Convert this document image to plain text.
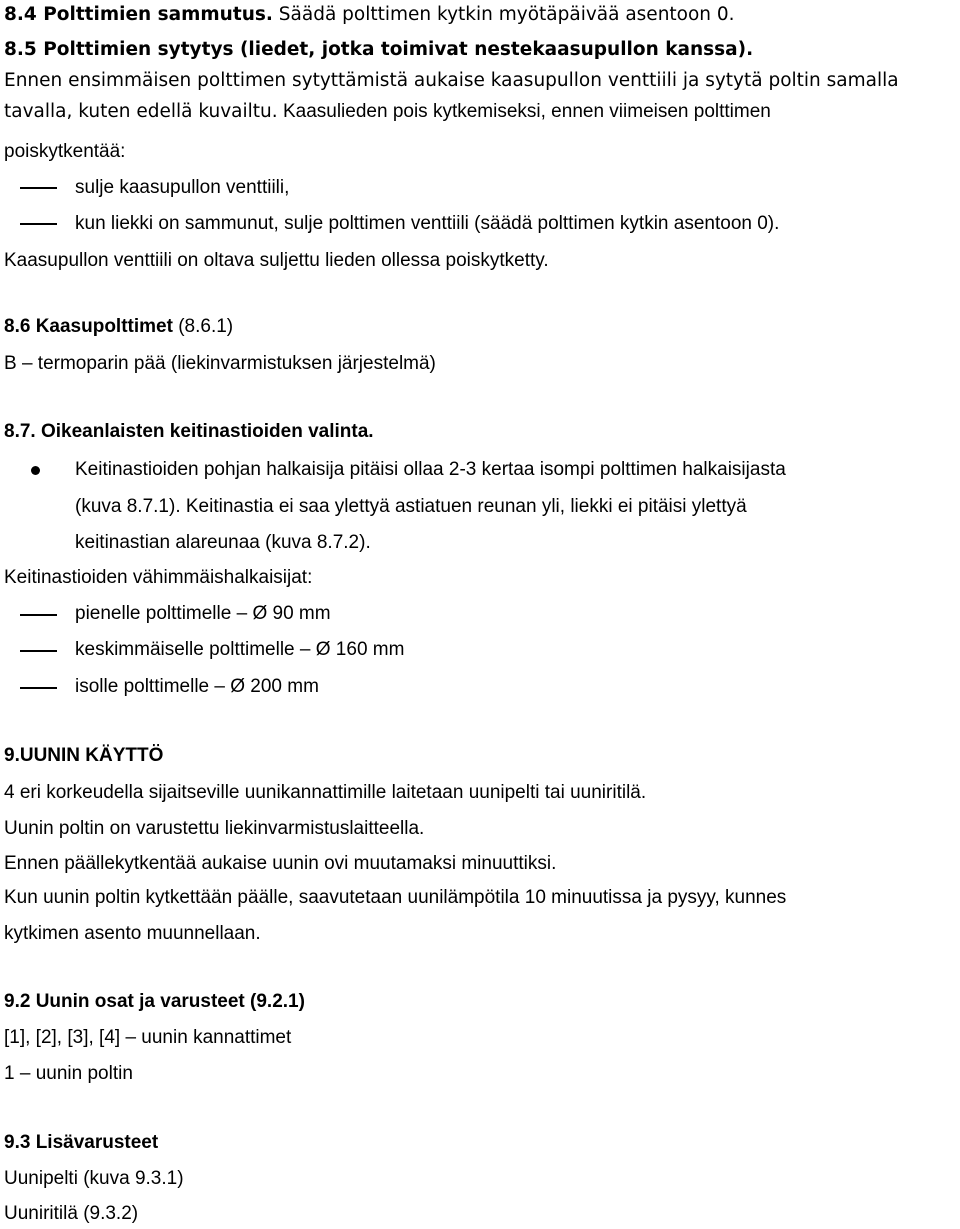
8.4 Polttimien sammutus. Säädä polttimen kytkin myötäpäivää asentoon 0.
8.5 Polttimien sytytys (liedet, jotka toimivat nestekaasupullon kanssa).
Ennen ensimmäisen polttimen sytyttämistä aukaise kaasupullon venttiili ja sytytä poltin samalla
tavalla, kuten edellä kuvailtu. Kaasulieden pois kytkemiseksi, ennen viimeisen polttimen
poiskytkentää:
sulje kaasupullon venttiili,
kun liekki on sammunut, sulje polttimen venttiili (säädä polttimen kytkin asentoon 0).
Kaasupullon venttiili on oltava suljettu lieden ollessa poiskytketty.
8.6 Kaasupolttimet (8.6.1)
B – termoparin pää (liekinvarmistuksen järjestelmä)
8.7. Oikeanlaisten keitinastioiden valinta.
Keitinastioiden pohjan halkaisija pitäisi ollaa 2-3 kertaa isompi polttimen halkaisijasta
(kuva 8.7.1). Keitinastia ei saa ylettyä astiatuen reunan yli, liekki ei pitäisi ylettyä
keitinastian alareunaa (kuva 8.7.2).
Keitinastioiden vähimmäishalkaisijat:
pienelle polttimelle – Ø 90 mm
keskimmäiselle polttimelle – Ø 160 mm
isolle polttimelle – Ø 200 mm
9.UUNIN KÄYTTÖ
4 eri korkeudella sijaitseville uunikannattimille laitetaan uunipelti tai uuniritilä.
Uunin poltin on varustettu liekinvarmistuslaitteella.
Ennen päällekytkentää aukaise uunin ovi muutamaksi minuuttiksi.
Kun uunin poltin kytkettään päälle, saavutetaan uunilämpötila 10 minuutissa ja pysyy, kunnes
kytkimen asento muunnellaan.
9.2 Uunin osat ja varusteet (9.2.1)
[1], [2], [3], [4] – uunin kannattimet
1 – uunin poltin
9.3 Lisävarusteet
Uunipelti (kuva 9.3.1)
Uuniritilä (9.3.2)
